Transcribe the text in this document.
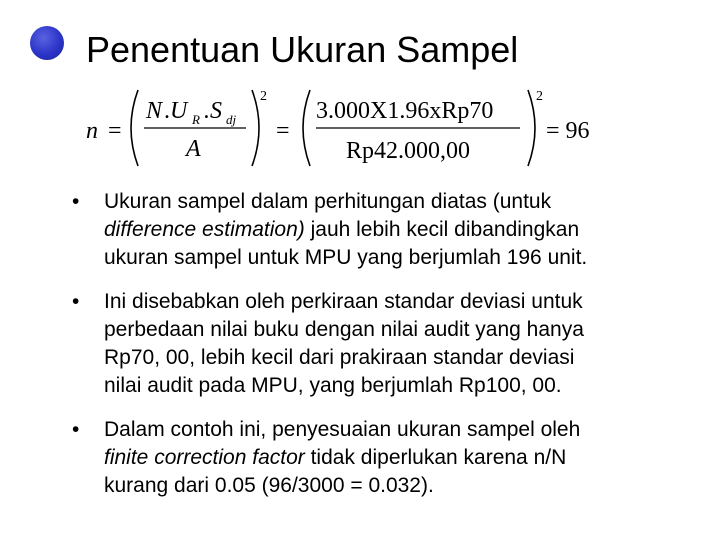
Penentuan Ukuran Sampel
n =
N . U R .S dj
A
2
=
3.000X1.96xRp70
Rp42.000,00
2
= 96
•	Ukuran sampel dalam perhitungan diatas (untuk
difference estimation) jauh lebih kecil dibandingkan
ukuran sampel untuk MPU yang berjumlah 196 unit.
•	Ini disebabkan oleh perkiraan standar deviasi untuk
perbedaan nilai buku dengan nilai audit yang hanya
Rp70, 00, lebih kecil dari prakiraan standar deviasi
nilai audit pada MPU, yang berjumlah Rp100, 00.
•	Dalam contoh ini, penyesuaian ukuran sampel oleh
finite correction factor tidak diperlukan karena n/N
kurang dari 0.05 (96/3000 = 0.032).
